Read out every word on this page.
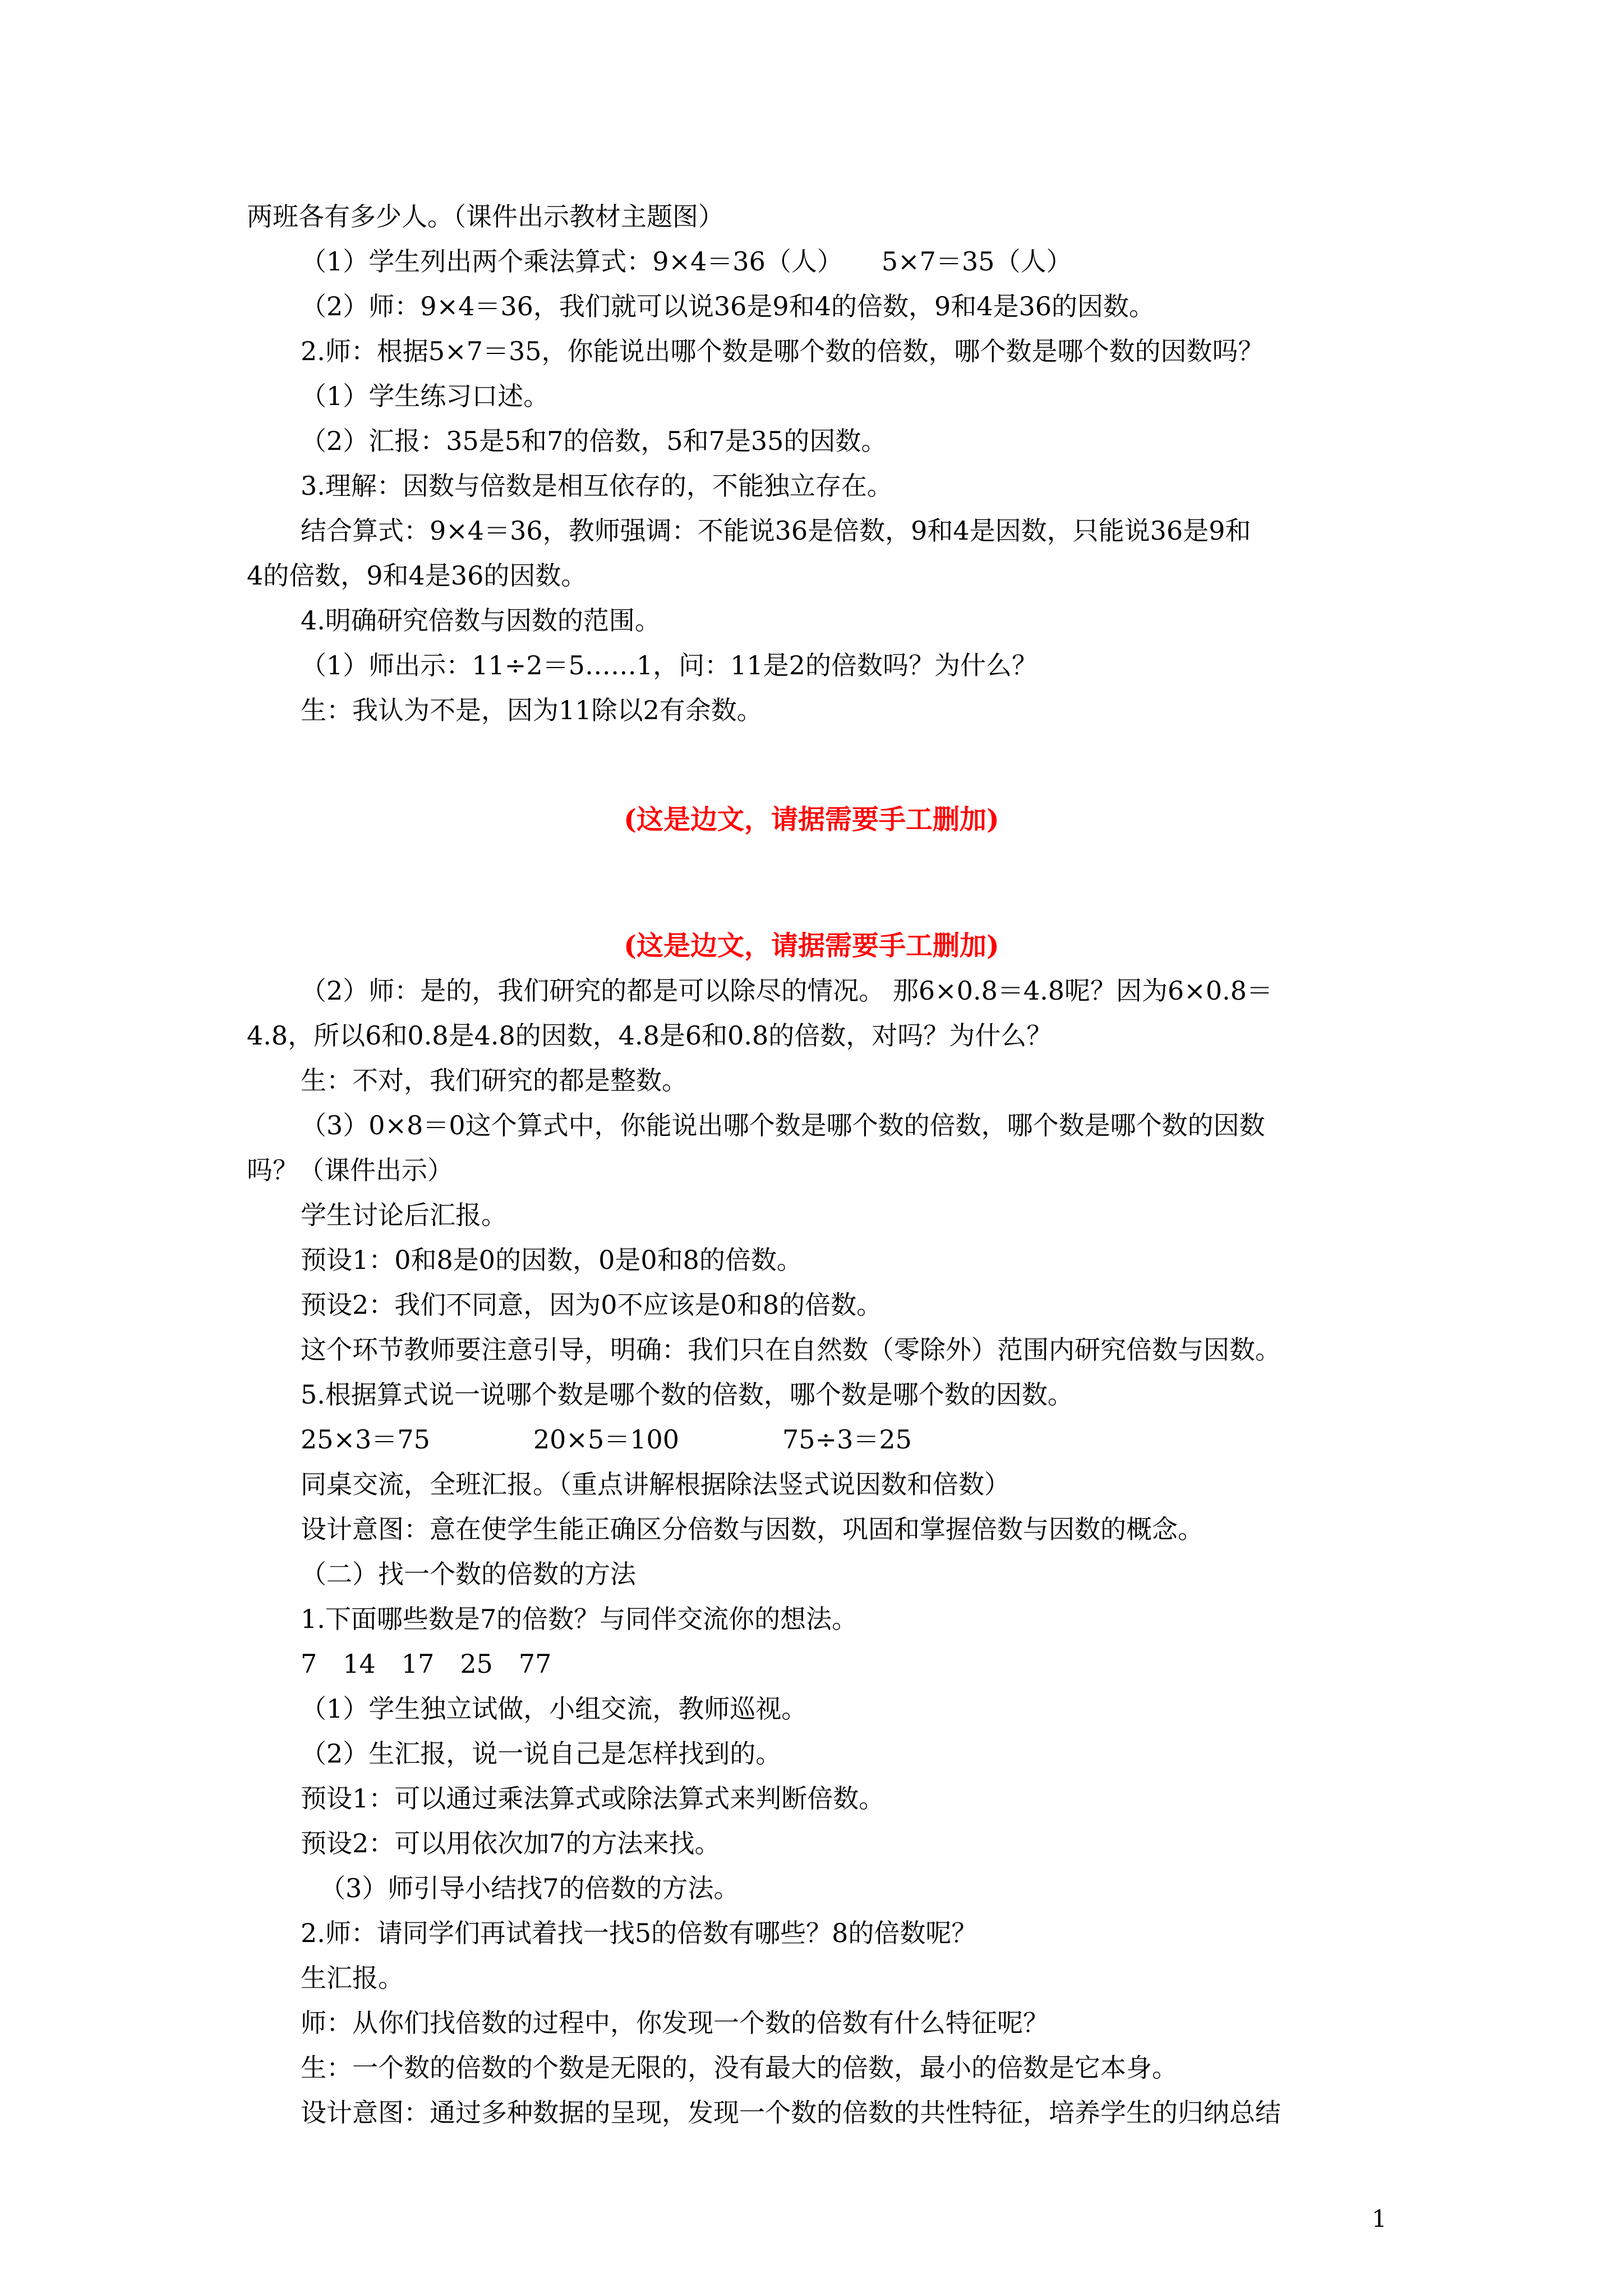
两班各有多少人。（课件出示教材主题图）
（1）学生列出两个乘法算式：9×4＝36（人）　　5×7＝35（人）
（2）师：9×4＝36，我们就可以说36是9和4的倍数，9和4是36的因数。
2.师：根据5×7＝35，你能说出哪个数是哪个数的倍数，哪个数是哪个数的因数吗？
（1）学生练习口述。
（2）汇报：35是5和7的倍数，5和7是35的因数。
3.理解：因数与倍数是相互依存的，不能独立存在。
结合算式：9×4＝36，教师强调：不能说36是倍数，9和4是因数，只能说36是9和
4的倍数，9和4是36的因数。
4.明确研究倍数与因数的范围。
（1）师出示：11÷2＝5……1，问：11是2的倍数吗？为什么？
生：我认为不是，因为11除以2有余数。
(这是边文，请据需要手工删加)
(这是边文，请据需要手工删加)
（2）师：是的，我们研究的都是可以除尽的情况。 那6×0.8＝4.8呢？因为6×0.8＝
4.8，所以6和0.8是4.8的因数，4.8是6和0.8的倍数，对吗？为什么？
生：不对，我们研究的都是整数。
（3）0×8＝0这个算式中，你能说出哪个数是哪个数的倍数，哪个数是哪个数的因数
吗？（课件出示）
学生讨论后汇报。
预设1：0和8是0的因数，0是0和8的倍数。
预设2：我们不同意，因为0不应该是0和8的倍数。
这个环节教师要注意引导，明确：我们只在自然数（零除外）范围内研究倍数与因数。
5.根据算式说一说哪个数是哪个数的倍数，哪个数是哪个数的因数。
25×3＝75　　　　20×5＝100　　　　75÷3＝25
同桌交流，全班汇报。（重点讲解根据除法竖式说因数和倍数）
设计意图：意在使学生能正确区分倍数与因数，巩固和掌握倍数与因数的概念。
（二）找一个数的倍数的方法
1.下面哪些数是7的倍数？与同伴交流你的想法。
7　14　17　25　77
（1）学生独立试做，小组交流，教师巡视。
（2）生汇报，说一说自己是怎样找到的。
预设1：可以通过乘法算式或除法算式来判断倍数。
预设2：可以用依次加7的方法来找。
（3）师引导小结找7的倍数的方法。
2.师：请同学们再试着找一找5的倍数有哪些？8的倍数呢？
生汇报。
师：从你们找倍数的过程中，你发现一个数的倍数有什么特征呢？
生：一个数的倍数的个数是无限的，没有最大的倍数，最小的倍数是它本身。
设计意图：通过多种数据的呈现，发现一个数的倍数的共性特征，培养学生的归纳总结
1
